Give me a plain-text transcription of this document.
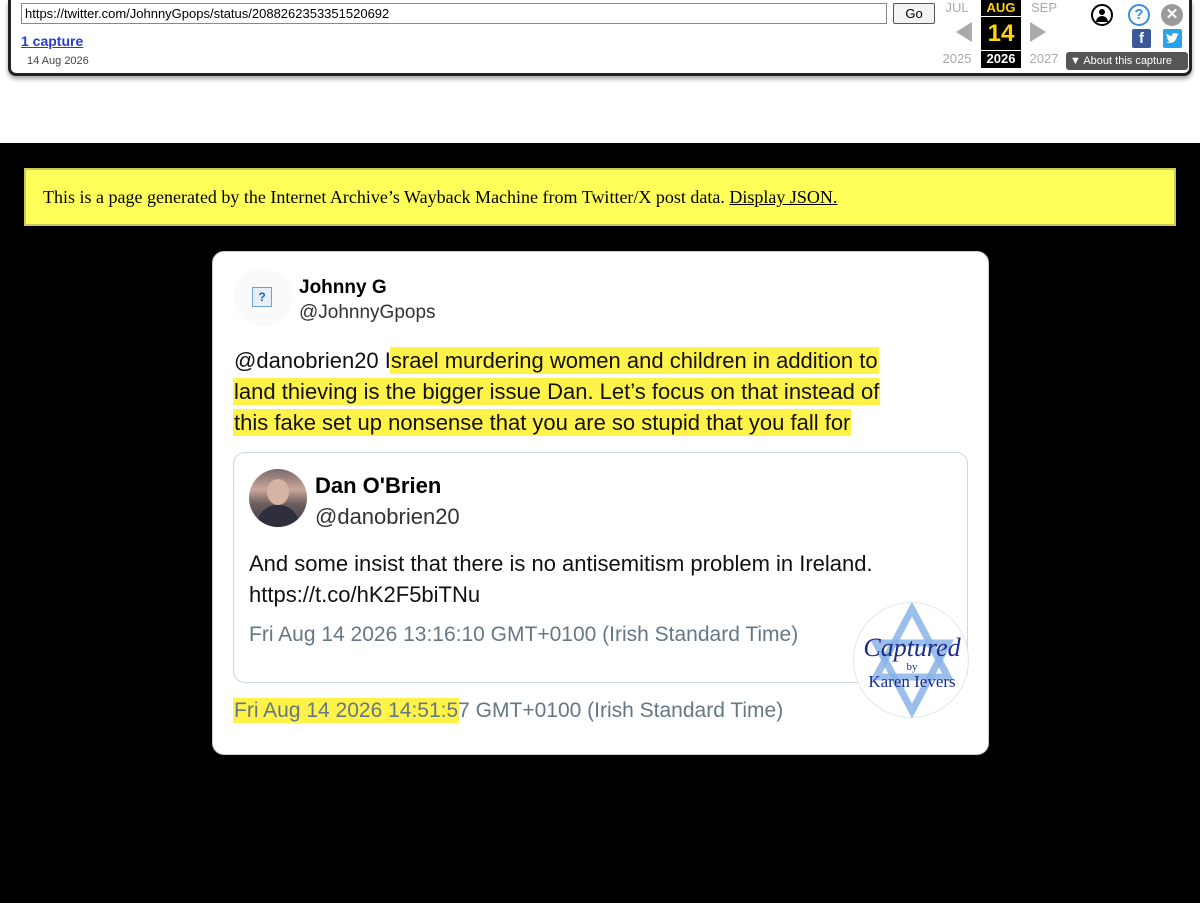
https://twitter.com/JohnnyGpops/status/2088262353351520692
Go
1 capture
14 Aug 2026
JUL	AUG	SEP
14
2025	2026	2027
?	✕
f
▼ About this capture
This is a page generated by the Internet Archive’s Wayback Machine from Twitter/X post data. Display JSON.
?	Johnny G
@JohnnyGpops
@danobrien20 Israel murdering women and children in addition to
land thieving is the bigger issue Dan. Let’s focus on that instead of
this fake set up nonsense that you are so stupid that you fall for
Dan O'Brien
@danobrien20
And some insist that there is no antisemitism problem in Ireland.
https://t.co/hK2F5biTNu
Fri Aug 14 2026 13:16:10 GMT+0100 (Irish Standard Time)
Fri Aug 14 2026 14:51:57 GMT+0100 (Irish Standard Time)
Captured
by
Karen Ievers
